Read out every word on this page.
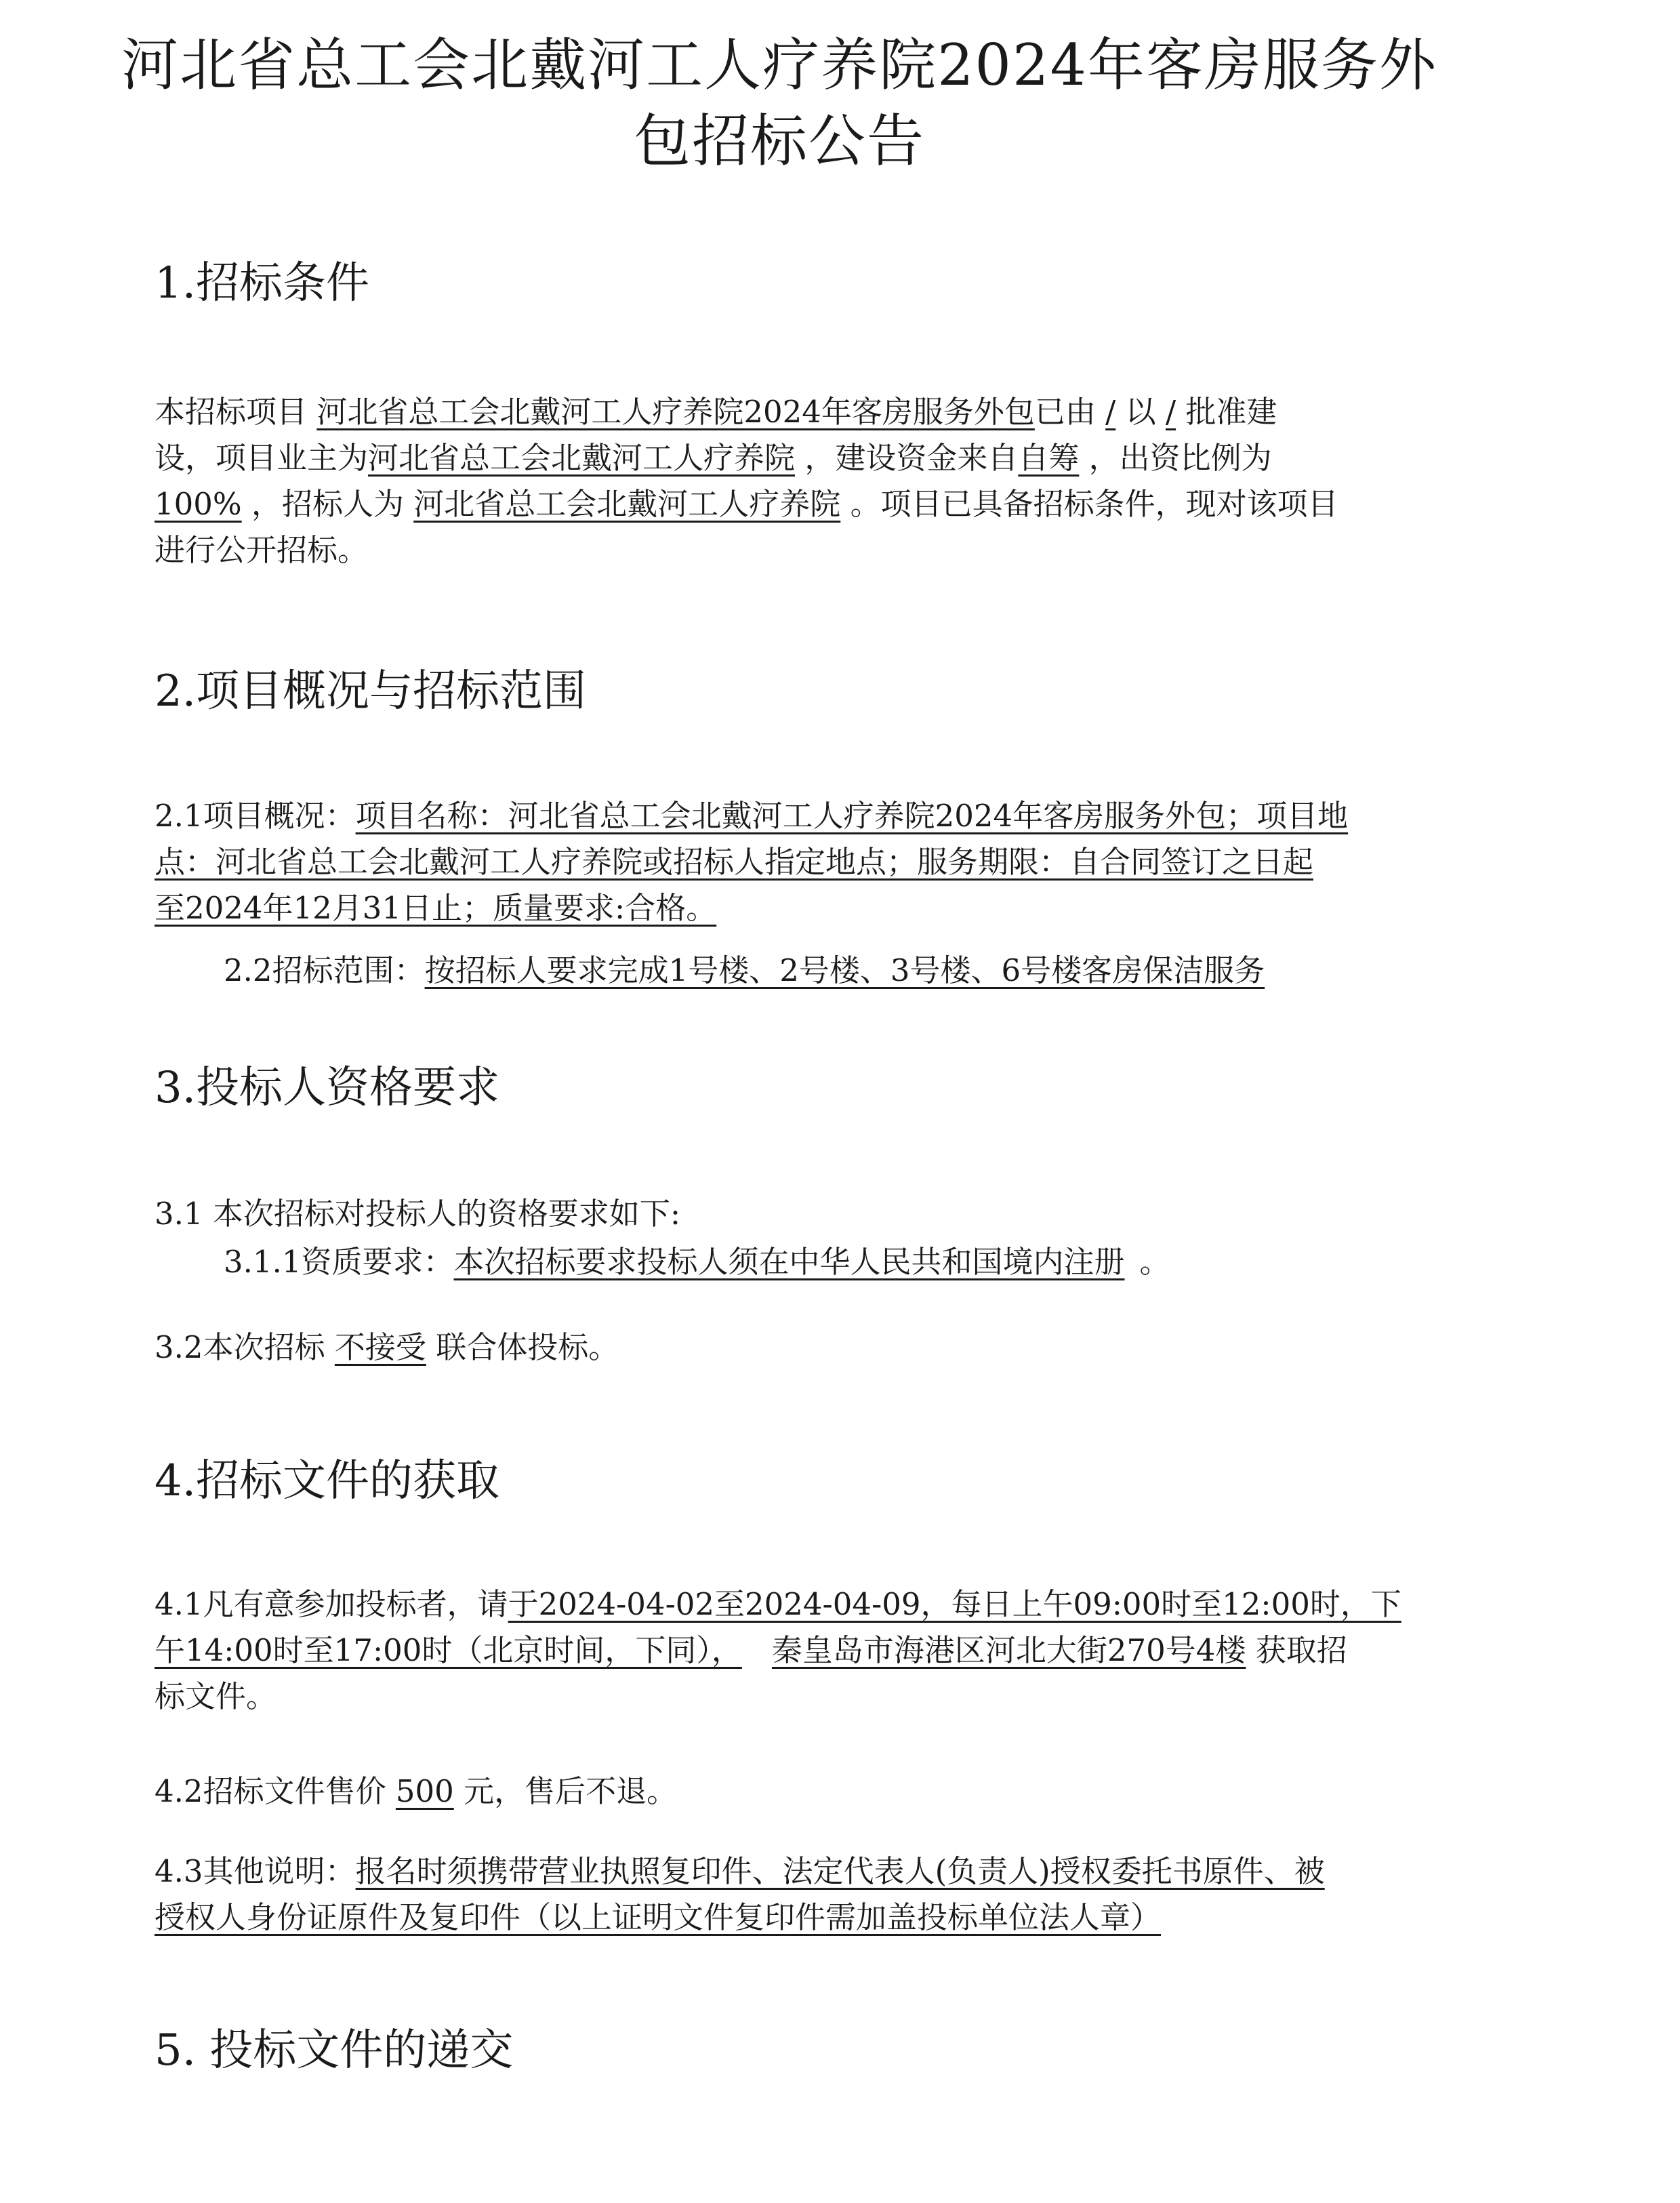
河北省总工会北戴河工人疗养院2024年客房服务外
包招标公告
1.招标条件
本招标项目 河北省总工会北戴河工人疗养院2024年客房服务外包已由 / 以 / 批准建
设，项目业主为河北省总工会北戴河工人疗养院 ，建设资金来自自筹 ，出资比例为
100% ，招标人为 河北省总工会北戴河工人疗养院 。项目已具备招标条件，现对该项目
进行公开招标。
2.项目概况与招标范围
2.1项目概况：项目名称：河北省总工会北戴河工人疗养院2024年客房服务外包；项目地
点：河北省总工会北戴河工人疗养院或招标人指定地点；服务期限：自合同签订之日起
至2024年12月31日止；质量要求:合格。
2.2招标范围：按招标人要求完成1号楼、2号楼、3号楼、6号楼客房保洁服务
3.投标人资格要求
3.1 本次招标对投标人的资格要求如下:
3.1.1资质要求：本次招标要求投标人须在中华人民共和国境内注册 。
3.2本次招标 不接受 联合体投标。
4.招标文件的获取
4.1凡有意参加投标者，请于2024-04-02至2024-04-09，每日上午09:00时至12:00时，下
午14:00时至17:00时（北京时间，下同）， 秦皇岛市海港区河北大街270号4楼 获取招
标文件。
4.2招标文件售价 500 元，售后不退。
4.3其他说明：报名时须携带营业执照复印件、法定代表人(负责人)授权委托书原件、被
授权人身份证原件及复印件（以上证明文件复印件需加盖投标单位法人章）
5. 投标文件的递交
